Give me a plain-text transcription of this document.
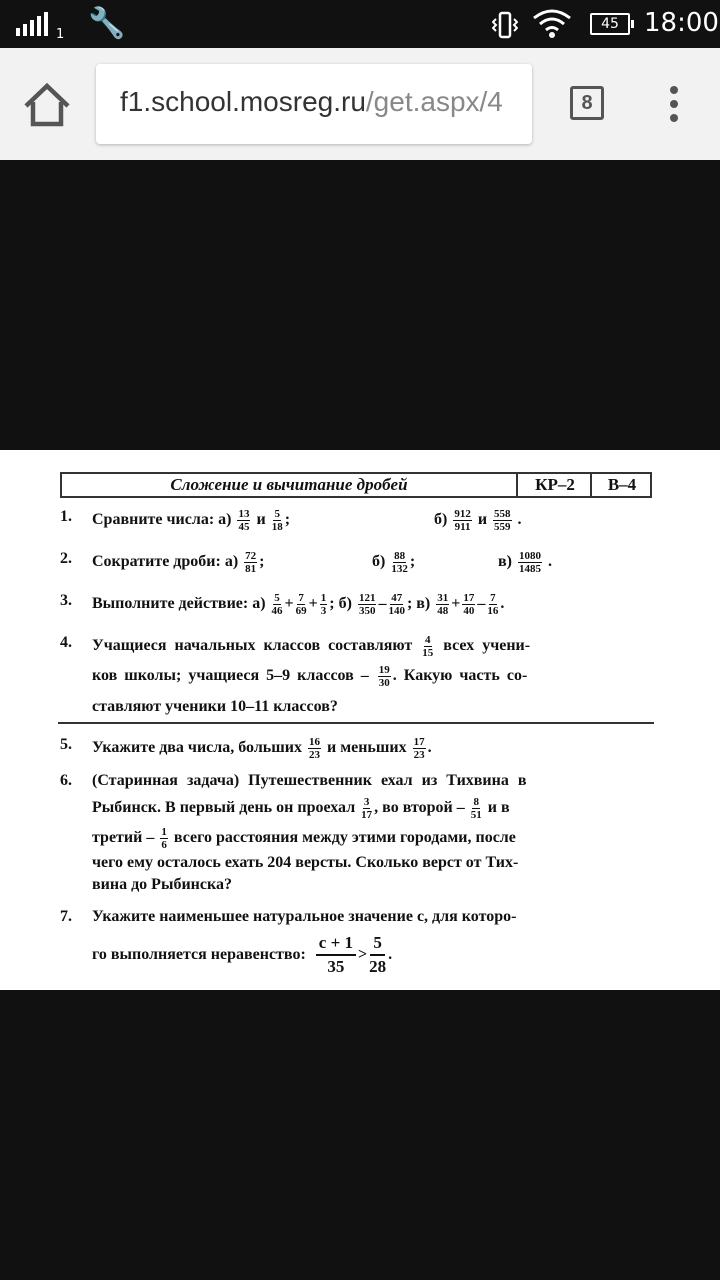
1 🔧	45 18:00
f1.school.mosreg.ru/get.aspx/4	8
Сложение и вычитание дробей	КР–2	В–4
1. Сравните числа: $а) \frac{13}{45}$ и $\frac{5}{18}$ ;	$б) \frac{912}{911}$ и $\frac{558}{559}$ .
2. Сократите дроби: $а) \frac{72}{81}$ ;	$б) \frac{88}{132}$ ;	$в) \frac{1080}{1485}$ .
3. Выполните действие: $а) \frac{5}{46} + \frac{7}{69} + \frac{1}{3}$ ; $б) \frac{121}{350} - \frac{47}{140}$ ; $в) \frac{31}{48} + \frac{17}{40} - \frac{7}{16}$ .
4. Учащиеся начальных классов составляют $\frac{4}{15}$ всех учени-
ков школы; учащиеся 5–9 классов – $\frac{19}{30}$ . Какую часть со-
ставляют ученики 10–11 классов?
5. Укажите два числа, больших $\frac{16}{23}$ и меньших $\frac{17}{23}$ .
6. (Старинная задача) Путешественник ехал из Тихвина в
Рыбинск. В первый день он проехал $\frac{3}{17}$ , во второй – $\frac{8}{51}$ и в
третий – $\frac{1}{6}$ всего расстояния между этими городами, после
чего ему осталось ехать 204 версты. Сколько верст от Тих-
вина до Рыбинска?
7. Укажите наименьшее натуральное значение c, для которо-
го выполняется неравенство: $\frac{c + 1}{35} > \frac{5}{28}$ .
